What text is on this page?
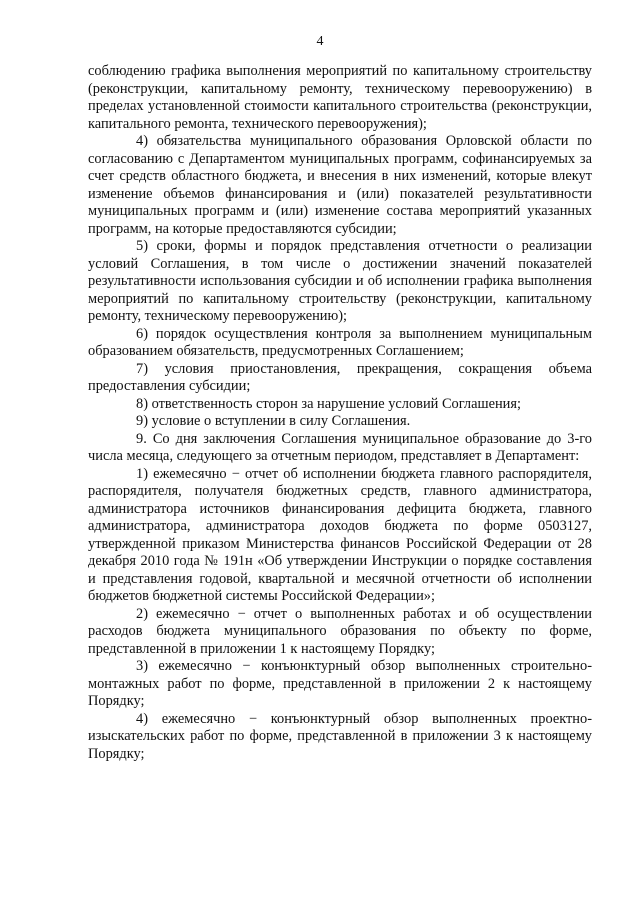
4

соблюдению графика выполнения мероприятий по капитальному строительству (реконструкции, капитальному ремонту, техническому перевооружению) в пределах установленной стоимости капитального строительства (реконструкции, капитального ремонта, технического перевооружения);

4) обязательства муниципального образования Орловской области по согласованию с Департаментом муниципальных программ, софинансируемых за счет средств областного бюджета, и внесения в них изменений, которые влекут изменение объемов финансирования и (или) показателей результативности муниципальных программ и (или) изменение состава мероприятий указанных программ, на которые предоставляются субсидии;

5) сроки, формы и порядок представления отчетности о реализации условий Соглашения, в том числе о достижении значений показателей результативности использования субсидии и об исполнении графика выполнения мероприятий по капитальному строительству (реконструкции, капитальному ремонту, техническому перевооружению);

6) порядок осуществления контроля за выполнением муниципальным образованием обязательств, предусмотренных Соглашением;

7) условия приостановления, прекращения, сокращения объема предоставления субсидии;

8) ответственность сторон за нарушение условий Соглашения;

9) условие о вступлении в силу Соглашения.

9. Со дня заключения Соглашения муниципальное образование до 3-го числа месяца, следующего за отчетным периодом, представляет в Департамент:

1) ежемесячно − отчет об исполнении бюджета главного распорядителя, распорядителя, получателя бюджетных средств, главного администратора, администратора источников финансирования дефицита бюджета, главного администратора, администратора доходов бюджета по форме 0503127, утвержденной приказом Министерства финансов Российской Федерации от 28 декабря 2010 года № 191н «Об утверждении Инструкции о порядке составления и представления годовой, квартальной и месячной отчетности об исполнении бюджетов бюджетной системы Российской Федерации»;

2) ежемесячно − отчет о выполненных работах и об осуществлении расходов бюджета муниципального образования по объекту по форме, представленной в приложении 1 к настоящему Порядку;

3) ежемесячно − конъюнктурный обзор выполненных строительно-монтажных работ по форме, представленной в приложении 2 к настоящему Порядку;

4) ежемесячно − конъюнктурный обзор выполненных проектно-изыскательских работ по форме, представленной в приложении 3 к настоящему Порядку;
